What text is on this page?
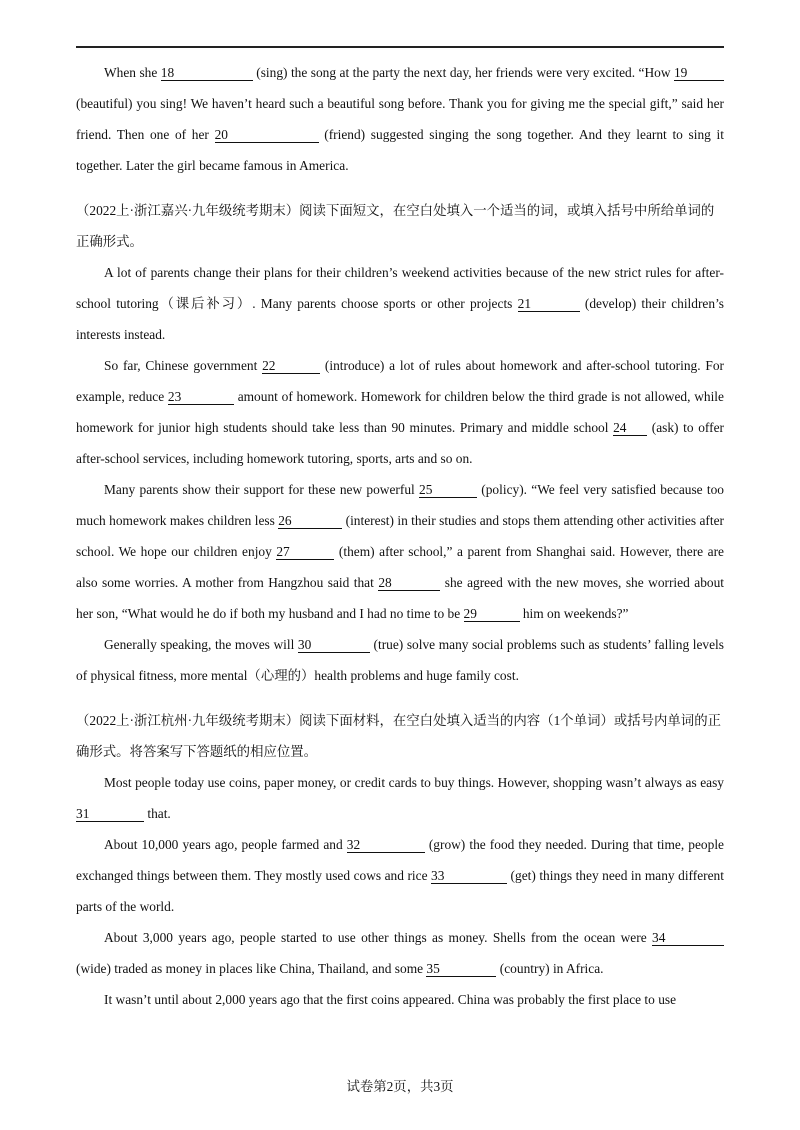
When she 18	(sing) the song at the party the next day, her friends were very excited. “How 19 (beautiful) you sing! We haven’t heard such a beautiful song before. Thank you for giving me the special gift,” said her friend. Then one of her 20	(friend) suggested singing the song together. And they learnt to sing it together. Later the girl became famous in America.

（2022上·浙江嘉兴·九年级统考期末）阅读下面短文，在空白处填入一个适当的词，或填入括号中所给单词的正确形式。

A lot of parents change their plans for their children’s weekend activities because of the new strict rules for after-school tutoring（课后补习）. Many parents choose sports or other projects 21	(develop) their children’s interests instead.

So far, Chinese government 22	(introduce) a lot of rules about homework and after-school tutoring. For example, reduce 23	amount of homework. Homework for children below the third grade is not allowed, while homework for junior high students should take less than 90 minutes. Primary and middle school 24 (ask) to offer after-school services, including homework tutoring, sports, arts and so on.

Many parents show their support for these new powerful 25	(policy). “We feel very satisfied because too much homework makes children less 26	(interest) in their studies and stops them attending other activities after school. We hope our children enjoy 27	(them) after school,” a parent from Shanghai said. However, there are also some worries. A mother from Hangzhou said that 28	she agreed with the new moves, she worried about her son, “What would he do if both my husband and I had no time to be 29	him on weekends?”

Generally speaking, the moves will 30	(true) solve many social problems such as students’ falling levels of physical fitness, more mental（心理的）health problems and huge family cost.

（2022上·浙江杭州·九年级统考期末）阅读下面材料，在空白处填入适当的内容（1个单词）或括号内单词的正确形式。将答案写下答题纸的相应位置。

Most people today use coins, paper money, or credit cards to buy things. However, shopping wasn’t always as easy 31	that.

About 10,000 years ago, people farmed and 32	(grow) the food they needed. During that time, people exchanged things between them. They mostly used cows and rice 33	(get) things they need in many different parts of the world.

About 3,000 years ago, people started to use other things as money. Shells from the ocean were 34 (wide) traded as money in places like China, Thailand, and some 35	(country) in Africa.

It wasn’t until about 2,000 years ago that the first coins appeared. China was probably the first place to use

试卷第2页，共3页
